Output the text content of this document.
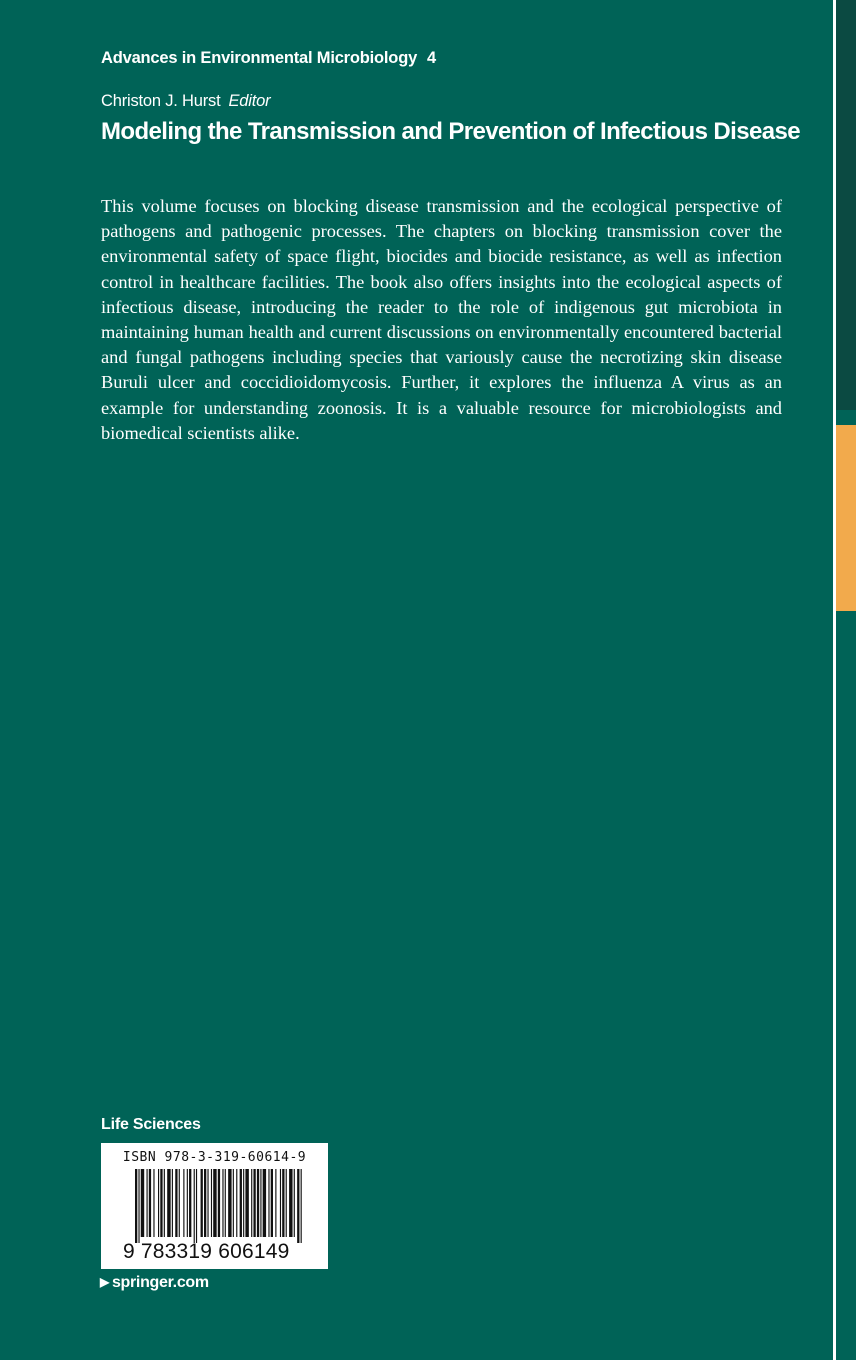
Advances in Environmental Microbiology 4
Christon J. Hurst Editor
Modeling the Transmission and Prevention of Infectious Disease

This volume focuses on blocking disease transmission and the ecological perspective of pathogens and pathogenic processes. The chapters on blocking transmission cover the environmental safety of space flight, biocides and biocide resistance, as well as infection control in healthcare facilities. The book also offers insights into the ecological aspects of infectious disease, introducing the reader to the role of indigenous gut microbiota in maintaining human health and current discussions on environmentally encountered bacterial and fungal pathogens including species that variously cause the necrotizing skin disease Buruli ulcer and coccidioidomycosis. Further, it explores the influenza A virus as an example for understanding zoonosis. It is a valuable resource for microbiologists and biomedical scientists alike.

Life Sciences
ISBN 978-3-319-60614-9
9 783319 606149
▶ springer.com
